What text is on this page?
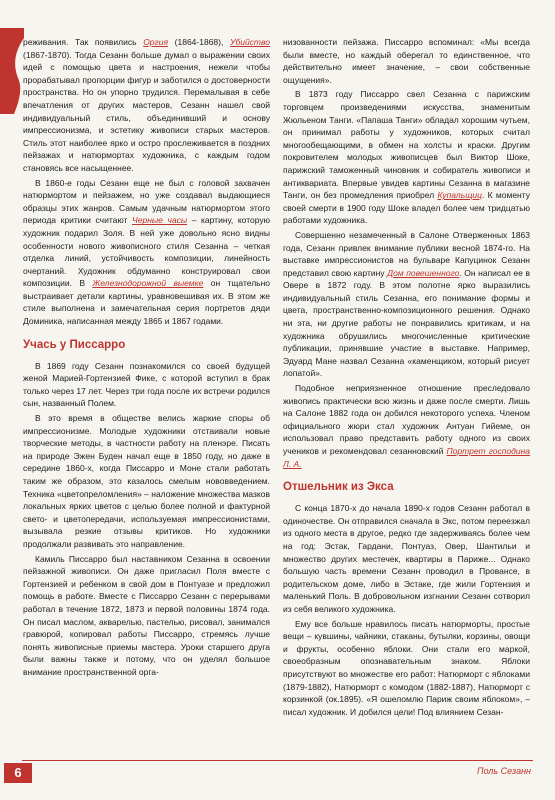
реживания. Так появились Оргия (1864-1868), Убийство (1867-1870). Тогда Сезанн больше думал о выражении своих идей с помощью цвета и настроения, нежели чтобы прорабатывал пропорции фигур и заботился о достоверности пространства. Но он упорно трудился. Перемалывая в себе впечатления от других мастеров, Сезанн нашел свой индивидуальный стиль, объединивший и основу импрессионизма, и эстетику живописи старых мастеров. Стиль этот наиболее ярко и остро прослеживается в поздних пейзажах и натюрмортах художника, с каждым годом становясь все насыщеннее.

В 1860-е годы Сезанн еще не был с головой захвачен натюрмортом и пейзажем, но уже создавал выдающиеся образцы этих жанров. Самым удачным натюрмортом этого периода критики считают Черные часы – картину, которую художник подарил Золя. В ней уже довольно ясно видны особенности нового живописного стиля Сезанна – четкая отделка линий, устойчивость композиции, линейность очертаний. Художник обдуманно конструировал свои композиции. В Железнодорожной выемке он тщательно выстраивает детали картины, уравновешивая их. В этом же стиле выполнена и замечательная серия портретов дяди Доминика, написанная между 1865 и 1867 годами.

Учась у Писсарро

В 1869 году Сезанн познакомился со своей будущей женой Марией-Гортензией Фике, с которой вступил в брак только через 17 лет. Через три года после их встречи родился сын, названный Полем.

В это время в обществе велись жаркие споры об импрессионизме. Молодые художники отстаивали новые творческие методы, в частности работу на пленэре. Писать на природе Эжен Буден начал еще в 1850 году, но даже в середине 1860-х, когда Писсарро и Моне стали работать таким же образом, это казалось смелым нововведением. Техника «цветопреломления» – наложение множества мазков локальных ярких цветов с целью более полной и фактурной свето- и цветопередачи, используемая импрессионистами, вызывала резкие отзывы критиков. Но художники продолжали развивать это направление.

Камиль Писсарро был наставником Сезанна в освоении пейзажной живописи. Он даже пригласил Поля вместе с Гортензией и ребенком в свой дом в Понтуазе и предложил помощь в работе. Вместе с Писсарро Сезанн с перерывами работал в течение 1872, 1873 и первой половины 1874 года. Он писал маслом, акварелью, пастелью, рисовал, занимался гравюрой, копировал работы Писсарро, стремясь лучше понять живописные приемы мастера. Уроки старшего друга были важны также и потому, что он уделял большое внимание пространственной орга-

низованности пейзажа. Писсарро вспоминал: «Мы всегда были вместе, но каждый оберегал то единственное, что действительно имеет значение, – свои собственные ощущения».

В 1873 году Писсарро свел Сезанна с парижским торговцем произведениями искусства, знаменитым Жюльеном Танги. «Папаша Танги» обладал хорошим чутьем, он принимал работы у художников, которых считал многообещающими, в обмен на холсты и краски. Другим покровителем молодых живописцев был Виктор Шоке, парижский таможенный чиновник и собиратель живописи и антиквариата. Впервые увидев картины Сезанна в магазине Танги, он без промедления приобрел Купальщиц. К моменту своей смерти в 1900 году Шоке владел более чем тридцатью работами художника.

Совершенно незамеченный в Салоне Отверженных 1863 года, Сезанн привлек внимание публики весной 1874-го. На выставке импрессионистов на бульваре Капуцинок Сезанн представил свою картину Дом повешенного. Он написал ее в Овере в 1872 году. В этом полотне ярко выразились индивидуальный стиль Сезанна, его понимание формы и цвета, пространственно-композиционного решения. Однако ни эта, ни другие работы не понравились критикам, и на художника обрушились многочисленные критические публикации, принявшие участие в выставке. Например, Эдуард Мане назвал Сезанна «каменщиком, который рисует лопатой».

Подобное неприязненное отношение преследовало живопись практически всю жизнь и даже после смерти. Лишь на Салоне 1882 года он добился некоторого успеха. Членом официального жюри стал художник Антуан Гийеме, он использовал право представить работу одного из своих учеников и рекомендовал сезанновский Портрет господина Л. А.

Отшельник из Экса

С конца 1870-х до начала 1890-х годов Сезанн работал в одиночестве. Он отправился сначала в Экс, потом переезжал из одного места в другое, редко где задерживаясь более чем на год: Эстак, Гардани, Понтуаз, Овер, Шантильи и множество других местечек, квартиры в Париже... Однако большую часть времени Сезанн проводил в Провансе, в родительском доме, либо в Эстаке, где жили Гортензия и маленький Поль. В добровольном изгнании Сезанн сотворил из себя великого художника.

Ему все больше нравилось писать натюрморты, простые вещи – кувшины, чайники, стаканы, бутылки, корзины, овощи и фрукты, особенно яблоки. Они стали его маркой, своеобразным опознавательным знаком. Яблоки присутствуют во множестве его работ: Натюрморт с яблоками (1879-1882), Натюрморт с комодом (1882-1887), Натюрморт с корзинкой (ок.1895). «Я ошеломлю Париж своим яблоком», – писал художник. И добился цели! Под влиянием Сезан-

6	Поль Сезанн
